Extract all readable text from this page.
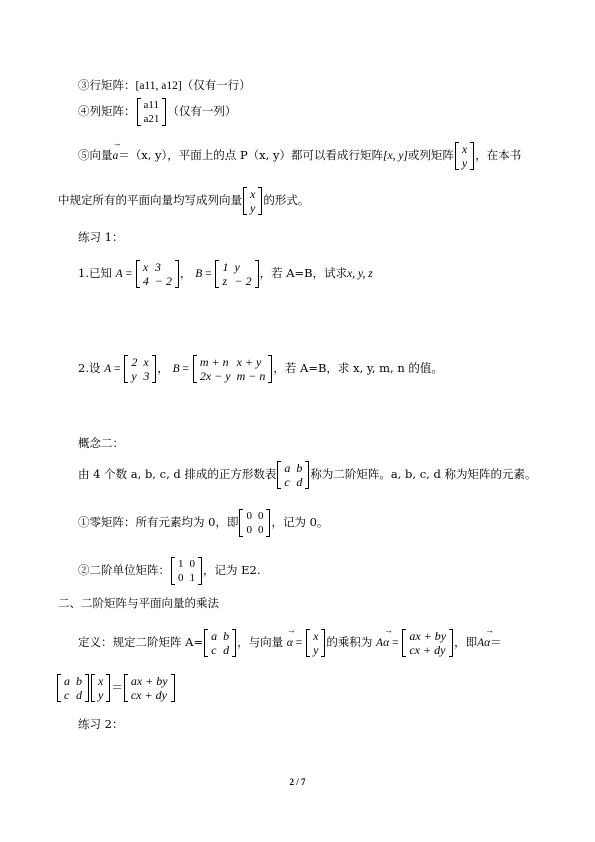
③行矩阵：[a11, a12]（仅有一行）
④列矩阵： a11
a21
（仅有一列）
⑤向量
→
a＝（x, y），平面上的点 P（x, y）都可以看成行矩阵[x, y]或列矩阵 x
y
，在本书
中规定所有的平面向量均写成列向量 x
y
的形式。
练习 1：
1.已知 A = x	3
4	− 2
， B = 1	y
z	− 2
，若 A=B，试求x, y, z
2.设 A = 2	x
y	3
， B = m + n	x + y
2x − y	m − n
，若 A=B，求 x, y, m, n 的值。
概念二：
由 4 个数 a, b, c, d 排成的正方形数表 a	b
c	d
称为二阶矩阵。a, b, c, d 称为矩阵的元素。
①零矩阵：所有元素均为 0，即 0	0
0	0
，记为 0。
②二阶单位矩阵： 1	0
0	1
，记为 E2.
二、二阶矩阵与平面向量的乘法
定义：规定二阶矩阵 A= a	b
c	d
，与向量
→
α = x
y
的乘积为
→
Aα = ax + by
cx + dy
，即
→
Aα＝
a	b
c	d
x
y ＝ ax + by
cx + dy
练习 2：
2 / 7
